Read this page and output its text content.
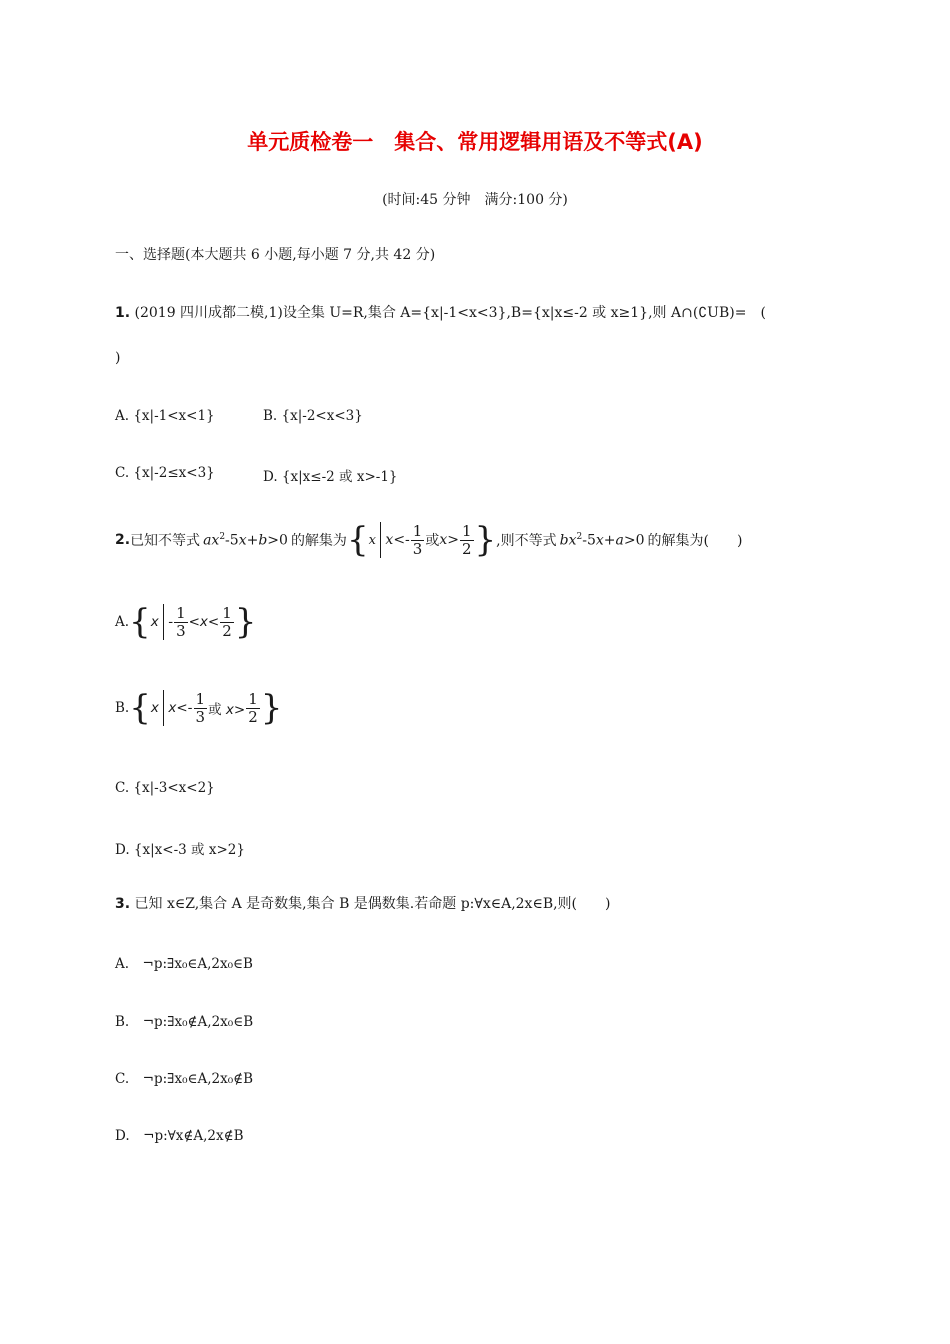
单元质检卷一　集合、常用逻辑用语及不等式(A)
(时间:45 分钟　满分:100 分)
一、选择题(本大题共 6 小题,每小题 7 分,共 42 分)
1. (2019 四川成都二模,1)设全集 U=R,集合 A={x|-1<x<3},B={x|x≤-2 或 x≥1},则 A∩(∁UB)=　(
)
A. {x|-1<x<1}	B. {x|-2<x<3}
C. {x|-2≤x<3}	D. {x|x≤-2 或 x>-1}
2. 已知不等式 $ax^2-5x+b>0$ 的解集为 { x $x <- \frac{1}{3}$ 或 $x > \frac{1}{2}$ } ,则不等式 $bx^2-5x+a>0$ 的解集为(　　)
A. { $x - \frac{1}{3} <x< \frac{1}{2}$ }
B. { x $x<- \frac{1}{3}$ 或 $x> \frac{1}{2}$ }
C. {x|-3<x<2}
D. {x|x<-3 或 x>2}
3. 已知 x∈Z,集合 A 是奇数集,集合 B 是偶数集.若命题 p:∀x∈A,2x∈B,则(　　)
A.　¬p:∃x₀∈A,2x₀∈B
B.　¬p:∃x₀∉A,2x₀∈B
C.　¬p:∃x₀∈A,2x₀∉B
D.　¬p:∀x∉A,2x∉B
